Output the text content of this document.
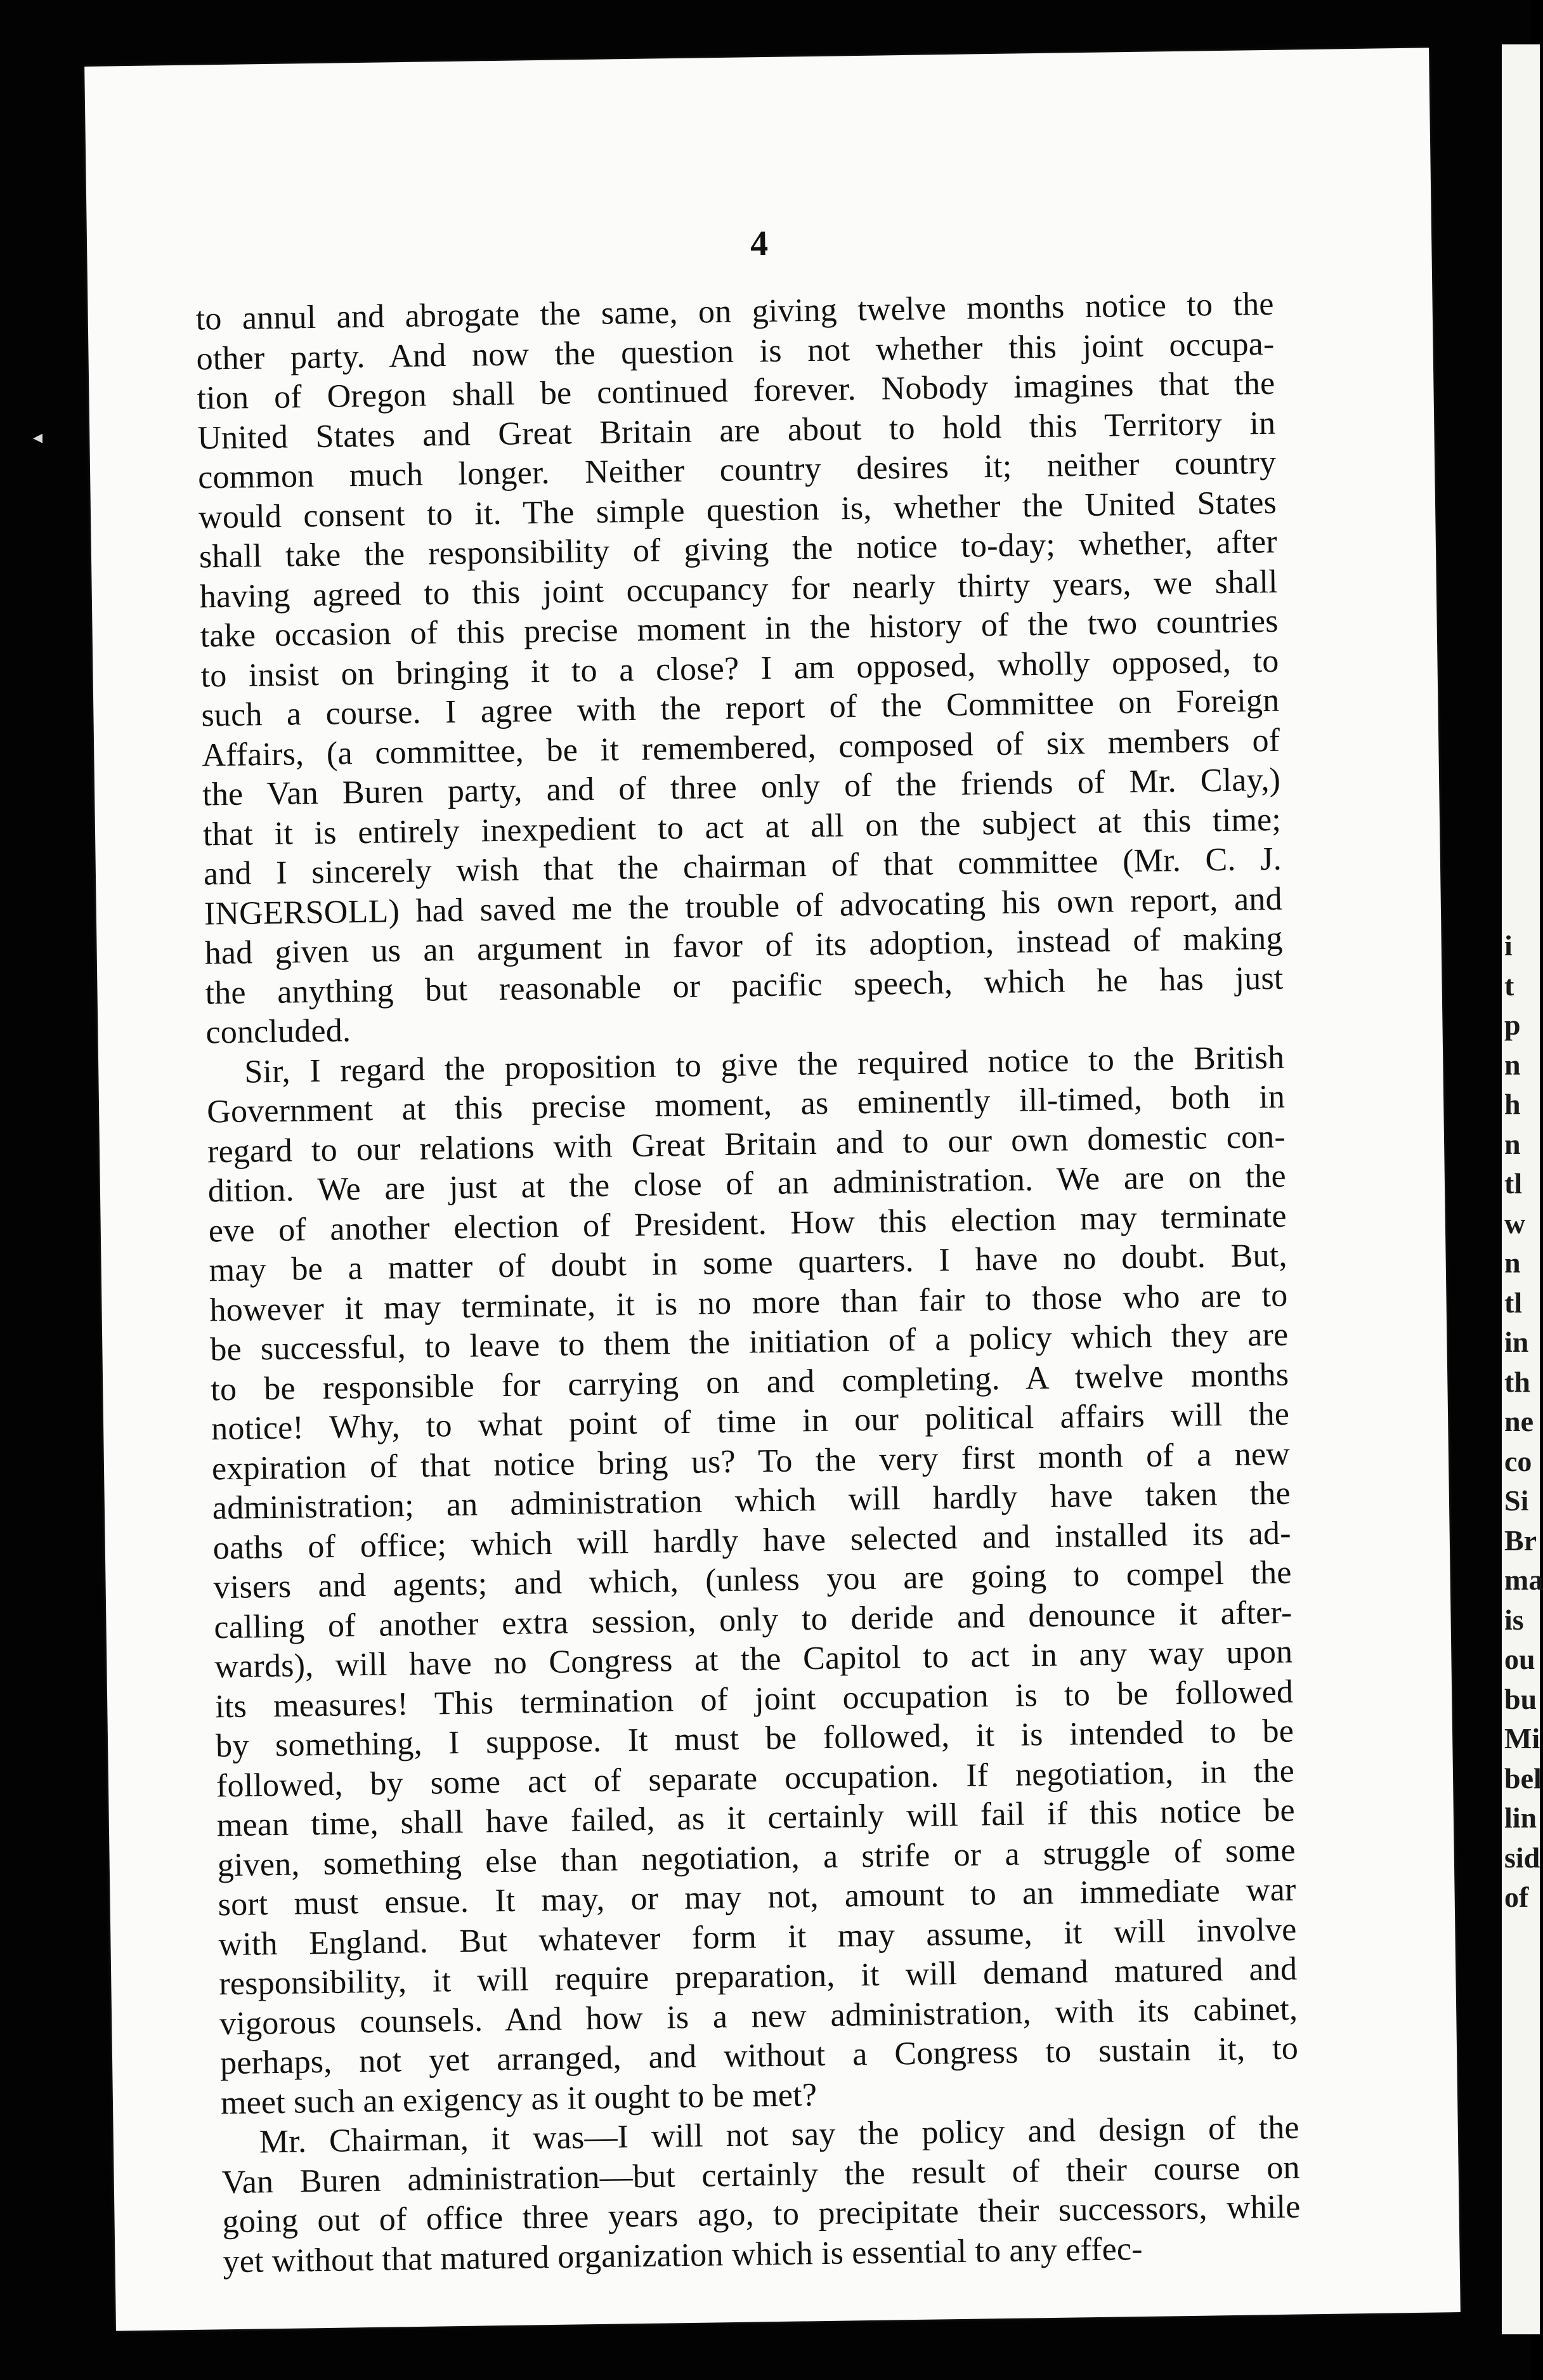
i
t
p
n
h
n
tl
w
n
tl
in
th
ne
co
Si
Br
ma
is
ou
bu
Mi
bel
lin
sid
of
◂
4
to annul and abrogate the same, on giving twelve months notice to the
other party. And now the question is not whether this joint occupa-
tion of Oregon shall be continued forever. Nobody imagines that the
United States and Great Britain are about to hold this Territory in
common much longer. Neither country desires it; neither country
would consent to it. The simple question is, whether the United States
shall take the responsibility of giving the notice to-day; whether, after
having agreed to this joint occupancy for nearly thirty years, we shall
take occasion of this precise moment in the history of the two countries
to insist on bringing it to a close? I am opposed, wholly opposed, to
such a course. I agree with the report of the Committee on Foreign
Affairs, (a committee, be it remembered, composed of six members of
the Van Buren party, and of three only of the friends of Mr. Clay,)
that it is entirely inexpedient to act at all on the subject at this time;
and I sincerely wish that the chairman of that committee (Mr. C. J.
INGERSOLL) had saved me the trouble of advocating his own report, and
had given us an argument in favor of its adoption, instead of making
the anything but reasonable or pacific speech, which he has just
concluded.
Sir, I regard the proposition to give the required notice to the British
Government at this precise moment, as eminently ill-timed, both in
regard to our relations with Great Britain and to our own domestic con-
dition. We are just at the close of an administration. We are on the
eve of another election of President. How this election may terminate
may be a matter of doubt in some quarters. I have no doubt. But,
however it may terminate, it is no more than fair to those who are to
be successful, to leave to them the initiation of a policy which they are
to be responsible for carrying on and completing. A twelve months
notice! Why, to what point of time in our political affairs will the
expiration of that notice bring us? To the very first month of a new
administration; an administration which will hardly have taken the
oaths of office; which will hardly have selected and installed its ad-
visers and agents; and which, (unless you are going to compel the
calling of another extra session, only to deride and denounce it after-
wards), will have no Congress at the Capitol to act in any way upon
its measures! This termination of joint occupation is to be followed
by something, I suppose. It must be followed, it is intended to be
followed, by some act of separate occupation. If negotiation, in the
mean time, shall have failed, as it certainly will fail if this notice be
given, something else than negotiation, a strife or a struggle of some
sort must ensue. It may, or may not, amount to an immediate war
with England. But whatever form it may assume, it will involve
responsibility, it will require preparation, it will demand matured and
vigorous counsels. And how is a new administration, with its cabinet,
perhaps, not yet arranged, and without a Congress to sustain it, to
meet such an exigency as it ought to be met?
Mr. Chairman, it was—I will not say the policy and design of the
Van Buren administration—but certainly the result of their course on
going out of office three years ago, to precipitate their successors, while
yet without that matured organization which is essential to any effec-
